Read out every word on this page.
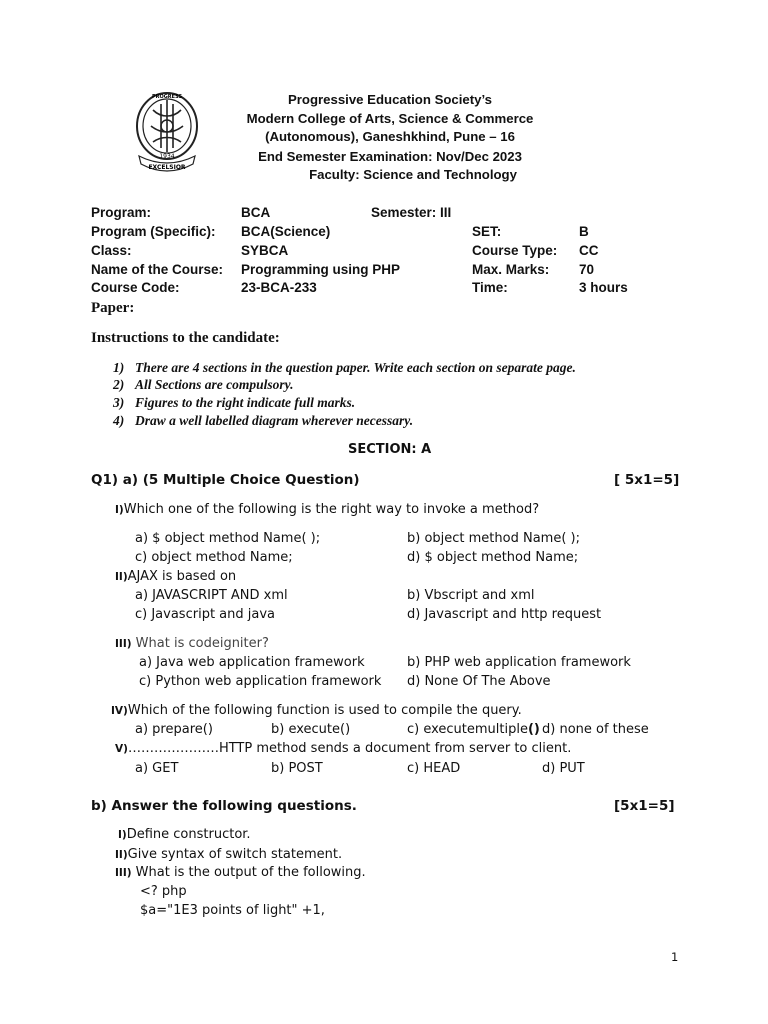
PROGRESS
1934
EXCELSIOR
Progressive Education Society’s
Modern College of Arts, Science & Commerce
(Autonomous), Ganeshkhind, Pune – 16
End Semester Examination: Nov/Dec 2023
Faculty: Science and Technology
Program:	BCA	Semester: III
Program (Specific): BCA(Science)	SET:	B
Class:	SYBCA	Course Type: CC
Name of the Course: Programming using PHP	Max. Marks: 70
Course Code:	23-BCA-233	Time:	3 hours
Paper:
Instructions to the candidate:
1) There are 4 sections in the question paper. Write each section on separate page.
2) All Sections are compulsory.
3) Figures to the right indicate full marks.
4) Draw a well labelled diagram wherever necessary.
SECTION: A
Q1) a) (5 Multiple Choice Question)	[ 5x1=5]
I)Which one of the following is the right way to invoke a method?
a) $ object method Name( );	b) object method Name( );
c) object method Name;	d) $ object method Name;
II)AJAX is based on
a) JAVASCRIPT AND xml	b) Vbscript and xml
c) Javascript and java	d) Javascript and http request
III) What is codeigniter?
a) Java web application framework	b) PHP web application framework
c) Python web application framework d) None Of The Above
IV)Which of the following function is used to compile the query.
a) prepare()	b) execute()	c) executemultiple() d) none of these
V)…………………HTTP method sends a document from server to client.
a) GET	b) POST	c) HEAD	d) PUT
b) Answer the following questions.	[5x1=5]
I)Define constructor.
II)Give syntax of switch statement.
III) What is the output of the following.
<? php
$a="1E3 points of light" +1,
1
